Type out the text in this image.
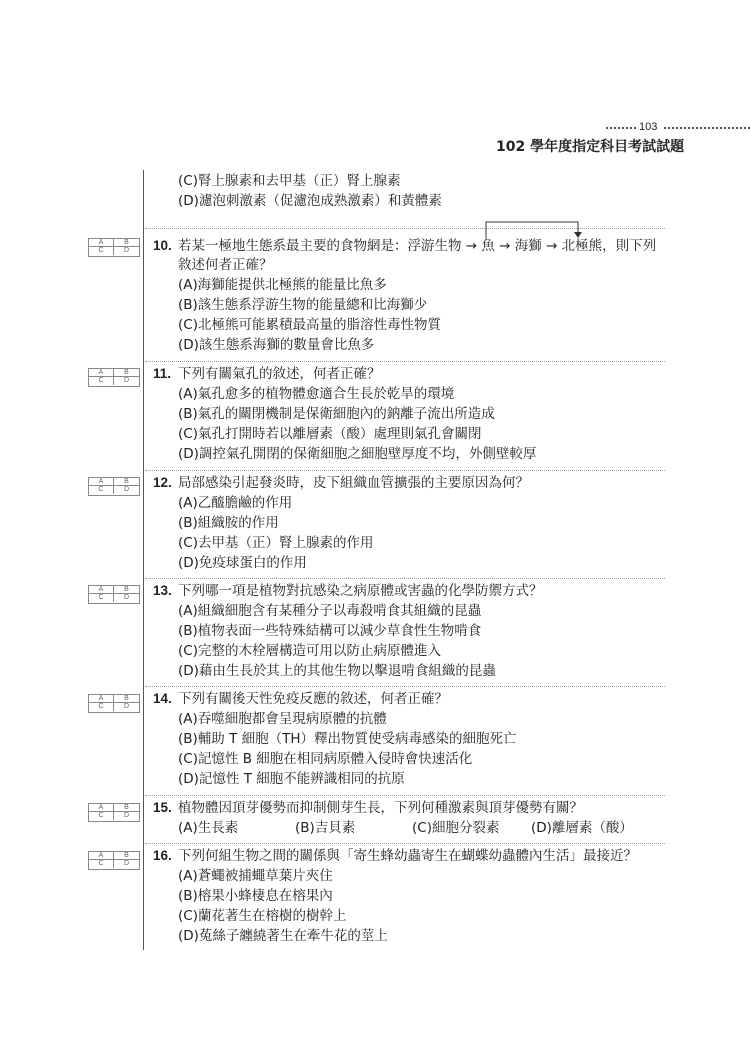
103
102 學年度指定科目考試試題
(C)腎上腺素和去甲基（正）腎上腺素
(D)濾泡刺激素（促濾泡成熟激素）和黃體素
A	B
C	D	10. 若某一極地生態系最主要的食物網是：浮游生物 → 魚 → 海獅 → 北極熊，則下列
敘述何者正確？
(A)海獅能提供北極熊的能量比魚多
(B)該生態系浮游生物的能量總和比海獅少
(C)北極熊可能累積最高量的脂溶性毒性物質
(D)該生態系海獅的數量會比魚多
A	B
C	D	11. 下列有關氣孔的敘述，何者正確？
(A)氣孔愈多的植物體愈適合生長於乾旱的環境
(B)氣孔的關閉機制是保衛細胞內的鈉離子流出所造成
(C)氣孔打開時若以離層素（酸）處理則氣孔會關閉
(D)調控氣孔開閉的保衛細胞之細胞壁厚度不均，外側壁較厚
A	B
C	D	12. 局部感染引起發炎時，皮下組織血管擴張的主要原因為何？
(A)乙醯膽鹼的作用
(B)組織胺的作用
(C)去甲基（正）腎上腺素的作用
(D)免疫球蛋白的作用
A	B
C	D	13. 下列哪一項是植物對抗感染之病原體或害蟲的化學防禦方式？
(A)組織細胞含有某種分子以毒殺啃食其組織的昆蟲
(B)植物表面一些特殊結構可以減少草食性生物啃食
(C)完整的木栓層構造可用以防止病原體進入
(D)藉由生長於其上的其他生物以擊退啃食組織的昆蟲
A	B
C	D
14. 下列有關後天性免疫反應的敘述，何者正確？
(A)吞噬細胞都會呈現病原體的抗體
(B)輔助 T 細胞（TH）釋出物質使受病毒感染的細胞死亡
(C)記憶性 B 細胞在相同病原體入侵時會快速活化
(D)記憶性 T 細胞不能辨識相同的抗原
A	B
C	D
15. 植物體因頂芽優勢而抑制側芽生長，下列何種激素與頂芽優勢有關？
(A)生長素	(B)吉貝素	(C)細胞分裂素 (D)離層素（酸）
A	B
C	D
16. 下列何組生物之間的關係與「寄生蜂幼蟲寄生在蝴蝶幼蟲體內生活」最接近？
(A)蒼蠅被捕蠅草葉片夾住
(B)榕果小蜂棲息在榕果內
(C)蘭花著生在榕樹的樹幹上
(D)菟絲子纏繞著生在牽牛花的莖上
